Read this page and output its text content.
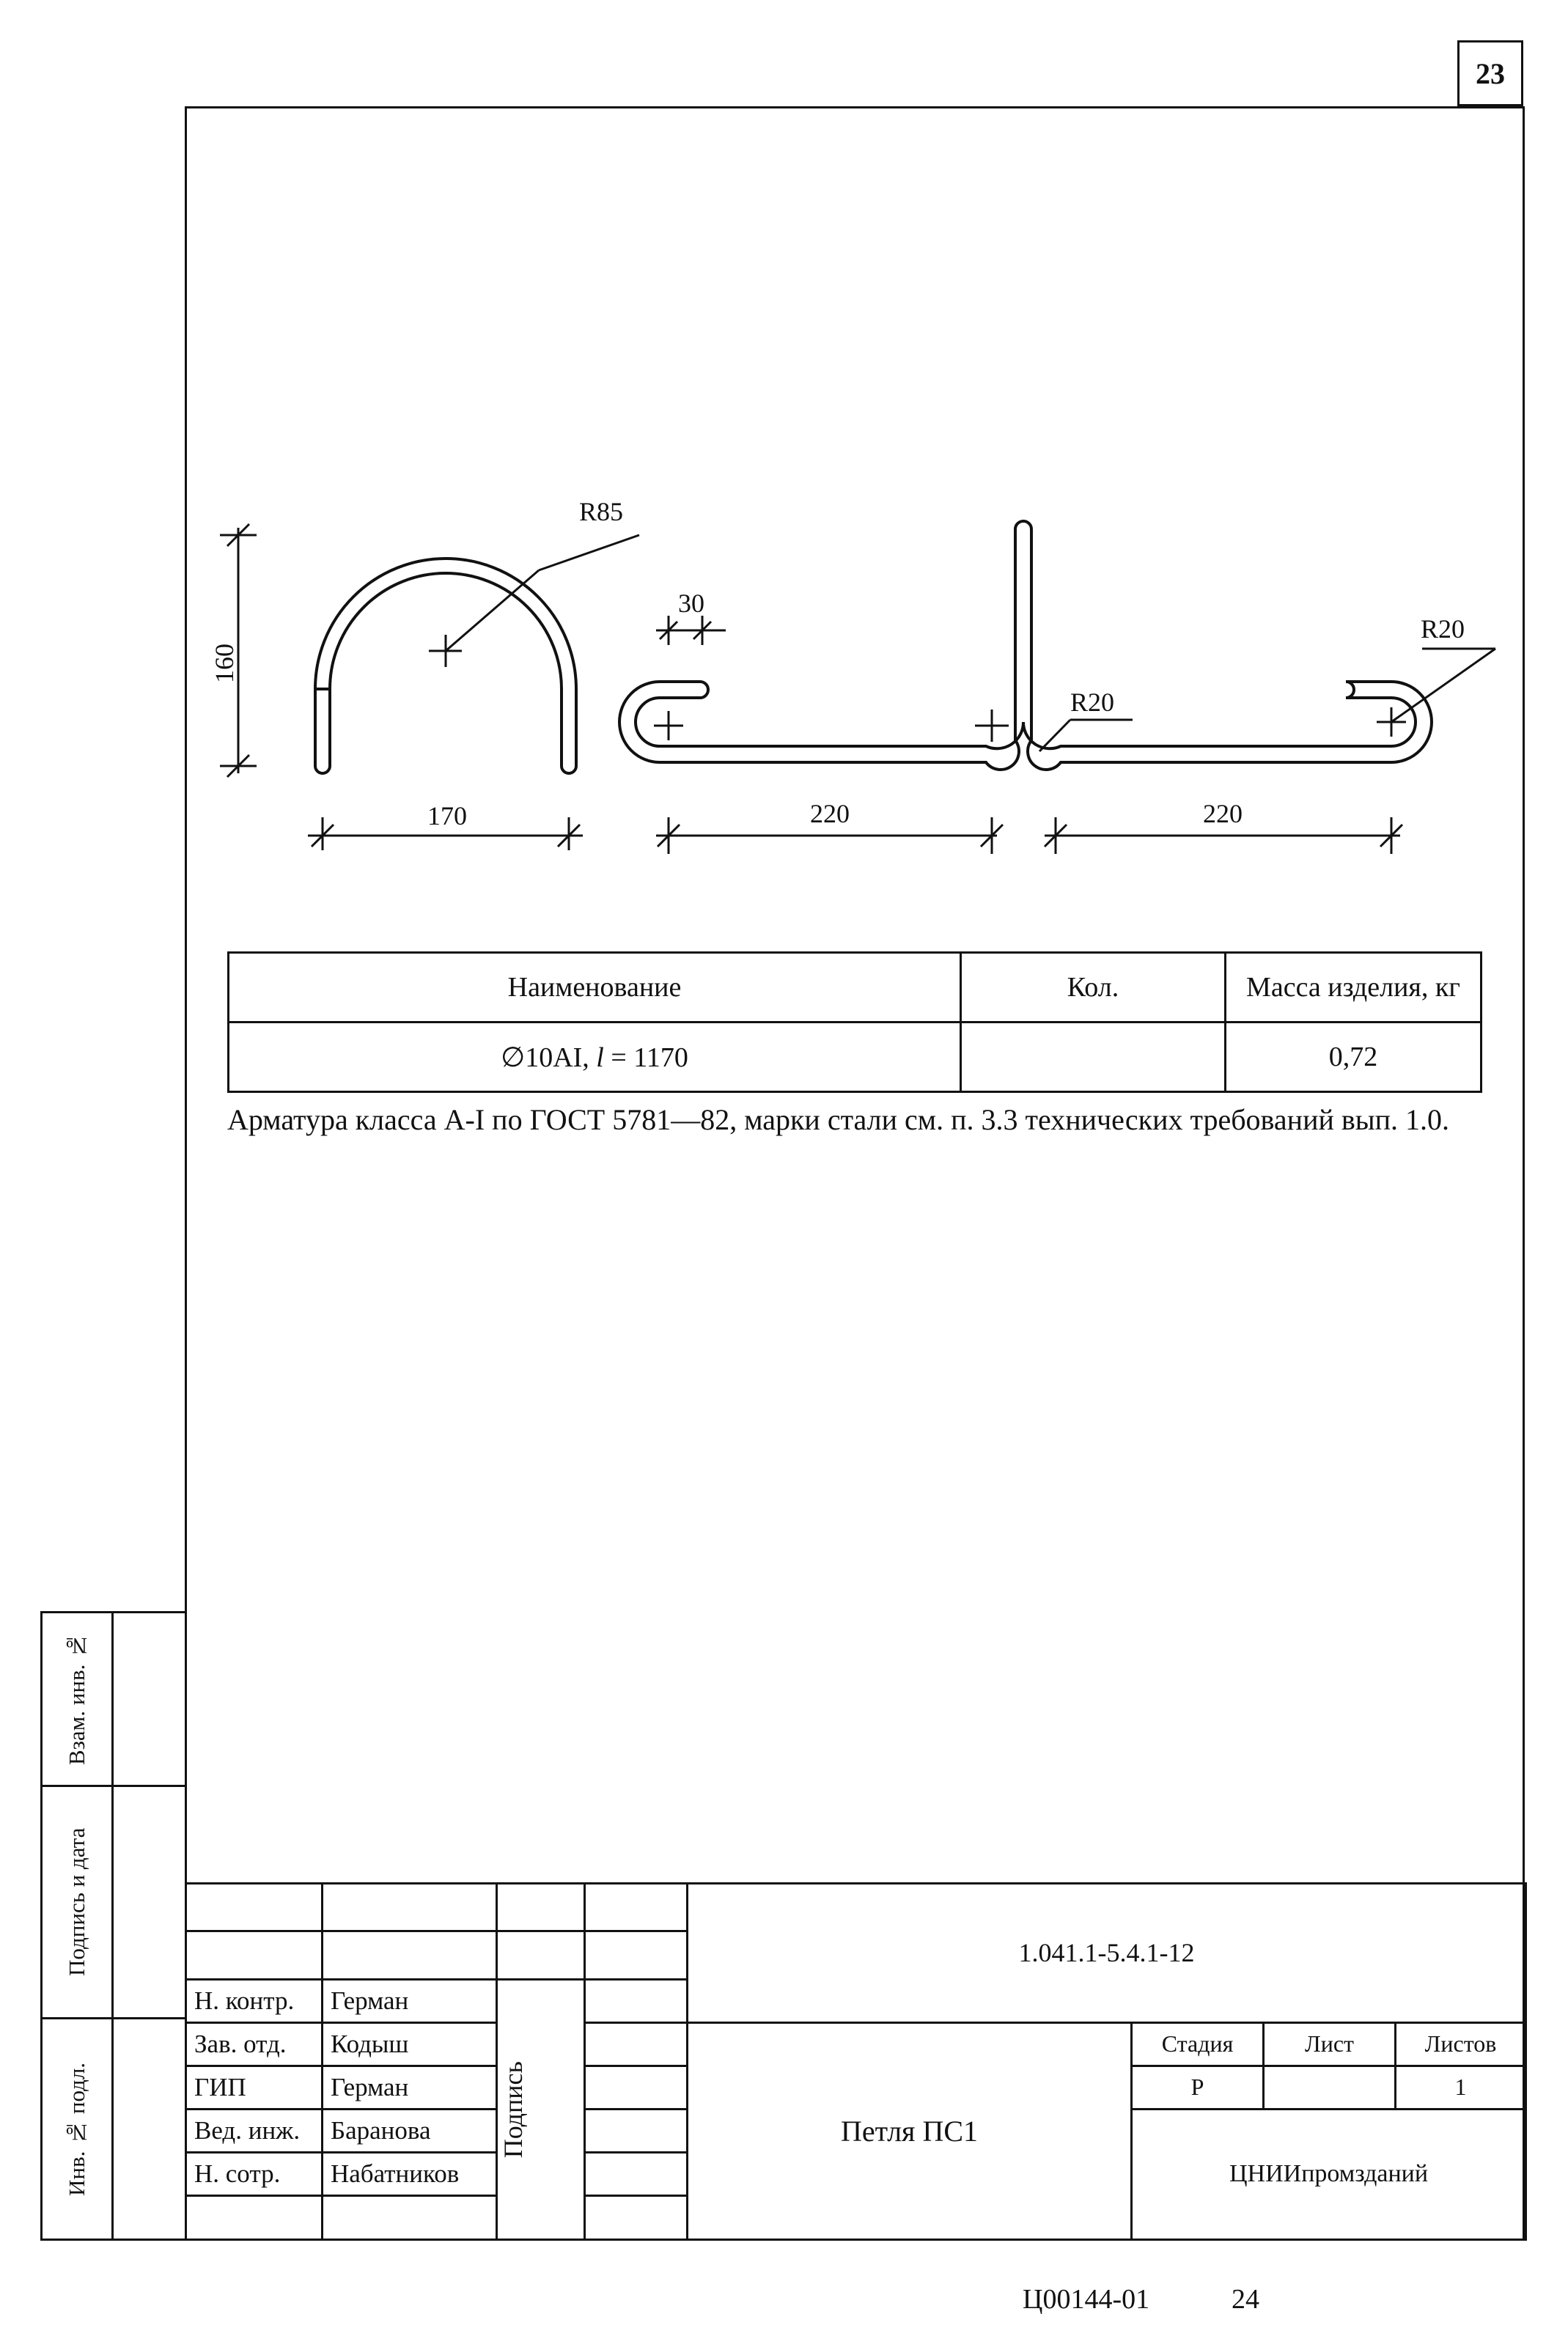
23
R85
160
30
R20
R20
170	220	220
Наименование	Кол.	Масса изделия, кг
∅10AI, l = 1170		0,72
Арматура класса А-I по ГОСТ 5781—82, марки стали см. п. 3.3 технических требований вып. 1.0.
Взам. инв. №
Подпись и дата
Инв. № подл.
				1.041.1-5.4.1-12			

Н. контр.	Герман	Подпись					

Зав. отд.	Кодыш			Петля ПС1	Стадия	Лист	Листов
ГИП	Герман				Р		1
Вед. инж.	Баранова				ЦНИИпромзданий		
Н. сотр.	Набатников						

Ц00144-01	24
